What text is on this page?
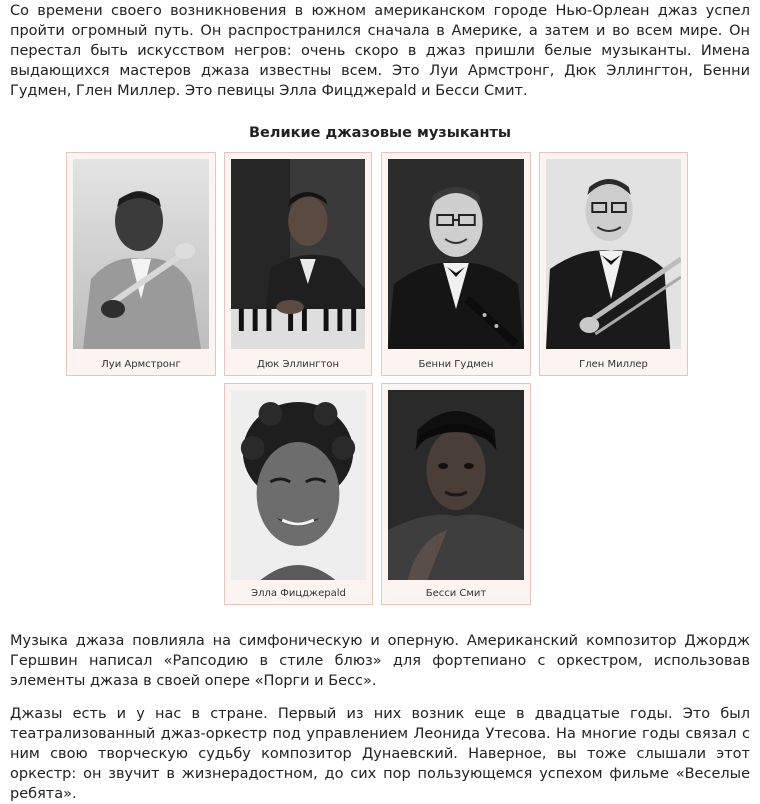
Со времени своего возникновения в южном американском городе Нью-Орлеан джаз успел пройти огромный путь. Он распространился сначала в Америке, а затем и во всем мире. Он перестал быть искусством негров: очень скоро в джаз пришли белые музыканты. Имена выдающихся мастеров джаза известны всем. Это Луи Армстронг, Дюк Эллингтон, Бенни Гудмен, Глен Миллер. Это певицы Элла Фицджерald и Бесси Смит.

Великие джазовые музыканты
Луи Армстронг	Дюк Эллингтон	Бенни Гудмен	Глен Миллер
Элла Фицджерald	Бесси Смит

Музыка джаза повлияла на симфоническую и оперную. Американский композитор Джордж Гершвин написал «Рапсодию в стиле блюз» для фортепиано с оркестром, использовав элементы джаза в своей опере «Порги и Бесс».

Джазы есть и у нас в стране. Первый из них возник еще в двадцатые годы. Это был театрализованный джаз-оркестр под управлением Леонида Утесова. На многие годы связал с ним свою творческую судьбу композитор Дунаевский. Наверное, вы тоже слышали этот оркестр: он звучит в жизнерадостном, до сих пор пользующемся успехом фильме «Веселые ребята».
